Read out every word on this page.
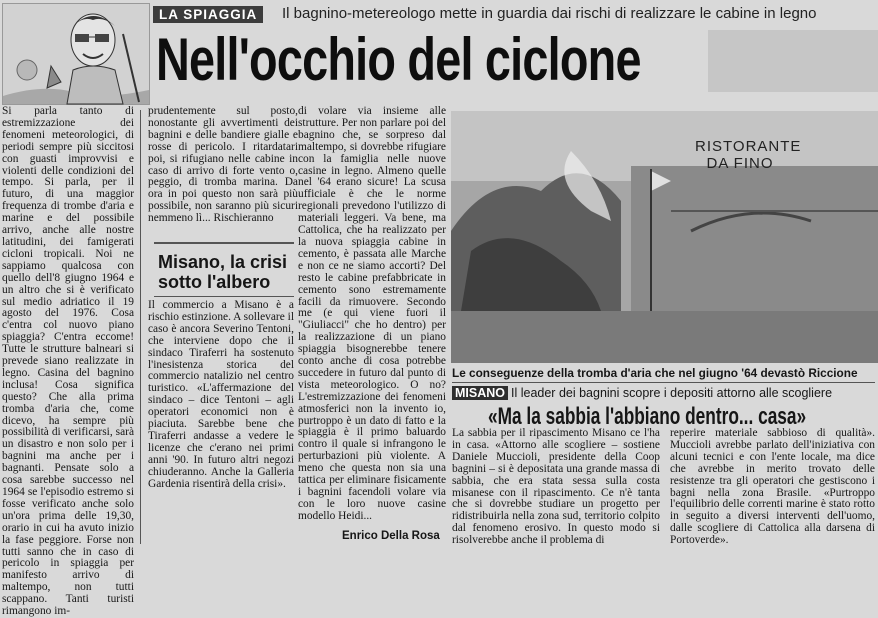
LA SPIAGGIA	Il bagnino-metereologo mette in guardia dai rischi di realizzare le cabine in legno
Nell'occhio del ciclone
Si parla tanto di estremizzazione dei fenomeni meteorologici, di periodi sempre più siccitosi con guasti improvvisi e violenti delle condizioni del tempo. Si parla, per il futuro, di una maggior frequenza di trombe d'aria e marine e del possibile arrivo, anche alle nostre latitudini, dei famigerati cicloni tropicali. Noi ne sappiamo qualcosa con quello dell'8 giugno 1964 e un altro che si è verificato sul medio adriatico il 19 agosto del 1976. Cosa c'entra col nuovo piano spiaggia? C'entra eccome! Tutte le strutture balneari si prevede siano realizzate in legno. Casina del bagnino inclusa! Cosa significa questo? Che alla prima tromba d'aria che, come dicevo, ha sempre più possibilità di verificarsi, sarà un disastro e non solo per i bagnini ma anche per i bagnanti. Pensate solo a cosa sarebbe successo nel 1964 se l'episodio estremo si fosse verificato anche solo un'ora prima delle 19,30, orario in cui ha avuto inizio la fase peggiore. Forse non tutti sanno che in caso di pericolo in spiaggia per manifesto arrivo di maltempo, non tutti scappano. Tanti turisti rimangono im-
prudentemente sul posto, nonostante gli avvertimenti dei bagnini e delle bandiere gialle e rosse di pericolo. I ritardatari poi, si rifugiano nelle cabine in caso di arrivo di forte vento o, peggio, di tromba marina. Da ora in poi questo non sarà più possibile, non saranno più sicuri nemmeno lì... Rischieranno
Misano, la crisi sotto l'albero
Il commercio a Misano è a rischio estinzione. A sollevare il caso è ancora Severino Tentoni, che interviene dopo che il sindaco Tiraferri ha sostenuto l'inesistenza storica del commercio natalizio nel centro turistico. «L'affermazione del sindaco – dice Tentoni – agli operatori economici non è piaciuta. Sarebbe bene che Tiraferri andasse a vedere le licenze che c'erano nei primi anni '90. In futuro altri negozi chiuderanno. Anche la Galleria Gardenia risentirà della crisi».
di volare via insieme alle strutture. Per non parlare poi del bagnino che, se sorpreso dal maltempo, si dovrebbe rifugiare con la famiglia nelle nuove casine in legno. Almeno quelle nel '64 erano sicure! La scusa ufficiale è che le norme regionali prevedono l'utilizzo di materiali leggeri. Va bene, ma Cattolica, che ha realizzato per la nuova spiaggia cabine in cemento, è passata alle Marche e non ce ne siamo accorti? Del resto le cabine prefabbricate in cemento sono estremamente facili da rimuovere. Secondo me (e qui viene fuori il "Giuliacci" che ho dentro) per la realizzazione di un piano spiaggia bisognerebbe tenere conto anche di cosa potrebbe succedere in futuro dal punto di vista meteorologico. O no? L'estremizzazione dei fenomeni atmosferici non la invento io, purtroppo è un dato di fatto e la spiaggia è il primo baluardo contro il quale si infrangono le perturbazioni più violente. A meno che questa non sia una tattica per eliminare fisicamente i bagnini facendoli volare via con le loro nuove casine modello Heidi...
Enrico Della Rosa
RISTORANTE DA FINO
Le conseguenze della tromba d'aria che nel giugno '64 devastò Riccione
MISANO Il leader dei bagnini scopre i depositi attorno alle scogliere
«Ma la sabbia l'abbiano dentro... casa»
La sabbia per il ripascimento Misano ce l'ha in casa. «Attorno alle scogliere – sostiene Daniele Muccioli, presidente della Coop bagnini – si è depositata una grande massa di sabbia, che era stata sessa sulla costa misanese con il ripascimento. Ce n'è tanta che si dovrebbe studiare un progetto per ridistribuirla nella zona sud, territorio colpito dal fenomeno erosivo. In questo modo si risolverebbe anche il problema di
reperire materiale sabbioso di qualità». Muccioli avrebbe parlato dell'iniziativa con alcuni tecnici e con l'ente locale, ma dice che avrebbe in merito trovato delle resistenze tra gli operatori che gestiscono i bagni nella zona Brasile. «Purtroppo l'equilibrio delle correnti marine è stato rotto in seguito a diversi interventi dell'uomo, dalle scogliere di Cattolica alla darsena di Portoverde».
